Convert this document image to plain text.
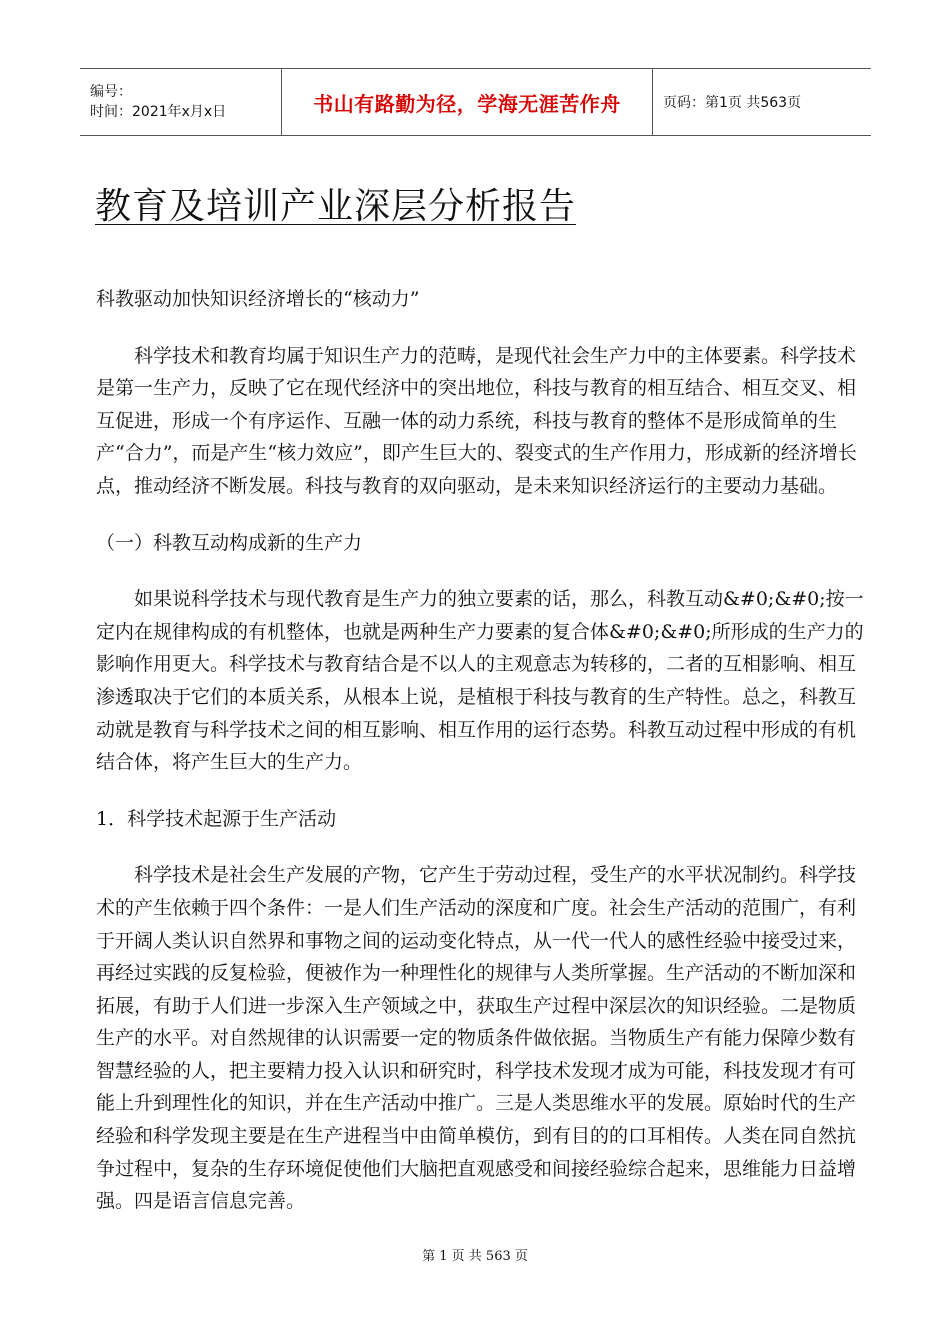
编号：
时间：2021年x月x日	书山有路勤为径，学海无涯苦作舟	页码：第1页 共563页
教育及培训产业深层分析报告

科教驱动加快知识经济增长的“核动力”

科学技术和教育均属于知识生产力的范畴，是现代社会生产力中的主体要素。科学技术是第一生产力，反映了它在现代经济中的突出地位，科技与教育的相互结合、相互交叉、相互促进，形成一个有序运作、互融一体的动力系统，科技与教育的整体不是形成简单的生产“合力”，而是产生“核力效应”，即产生巨大的、裂变式的生产作用力，形成新的经济增长点，推动经济不断发展。科技与教育的双向驱动，是未来知识经济运行的主要动力基础。

（一）科教互动构成新的生产力

如果说科学技术与现代教育是生产力的独立要素的话，那么，科教互动&#0;&#0;按一定内在规律构成的有机整体，也就是两种生产力要素的复合体&#0;&#0;所形成的生产力的影响作用更大。科学技术与教育结合是不以人的主观意志为转移的，二者的互相影响、相互渗透取决于它们的本质关系，从根本上说，是植根于科技与教育的生产特性。总之，科教互动就是教育与科学技术之间的相互影响、相互作用的运行态势。科教互动过程中形成的有机结合体，将产生巨大的生产力。

1．科学技术起源于生产活动

科学技术是社会生产发展的产物，它产生于劳动过程，受生产的水平状况制约。科学技术的产生依赖于四个条件：一是人们生产活动的深度和广度。社会生产活动的范围广，有利于开阔人类认识自然界和事物之间的运动变化特点，从一代一代人的感性经验中接受过来，再经过实践的反复检验，便被作为一种理性化的规律与人类所掌握。生产活动的不断加深和拓展，有助于人们进一步深入生产领域之中，获取生产过程中深层次的知识经验。二是物质生产的水平。对自然规律的认识需要一定的物质条件做依据。当物质生产有能力保障少数有智慧经验的人，把主要精力投入认识和研究时，科学技术发现才成为可能，科技发现才有可能上升到理性化的知识，并在生产活动中推广。三是人类思维水平的发展。原始时代的生产经验和科学发现主要是在生产进程当中由简单模仿，到有目的的口耳相传。人类在同自然抗争过程中，复杂的生存环境促使他们大脑把直观感受和间接经验综合起来，思维能力日益增强。四是语言信息完善。

第 1 页 共 563 页
